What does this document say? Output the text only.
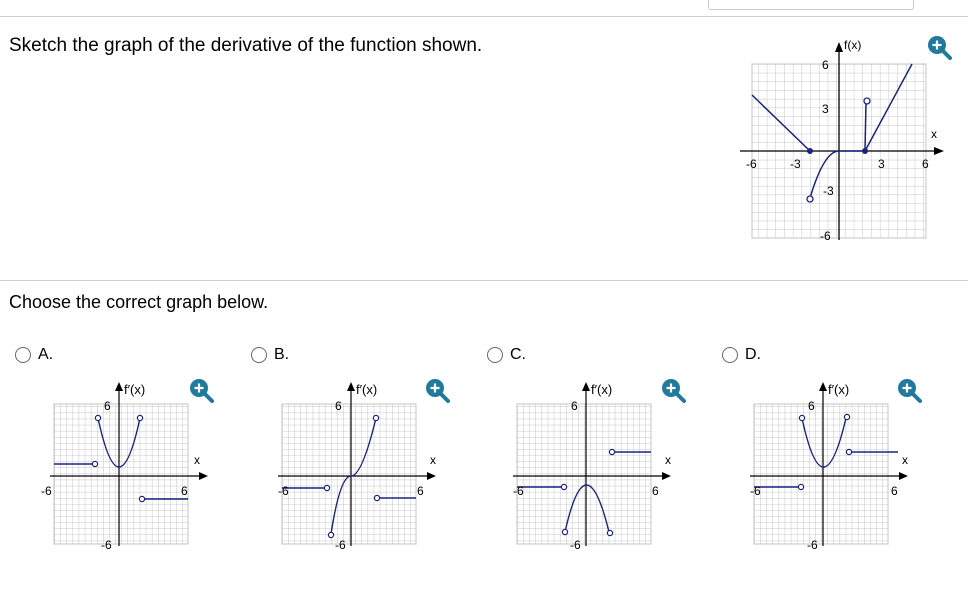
Sketch the graph of the derivative of the function shown.	f(x)
x
6
3
-3
-6
-6	-3	3	6
Choose the correct graph below.
A.	B.	C.	D.
f′(x)
x
6
-6
-6	6
f′(x)
x
6
-6
-6	6
f′(x)
x
6
-6
-6	6
f′(x)
x
6
-6
-6	6
